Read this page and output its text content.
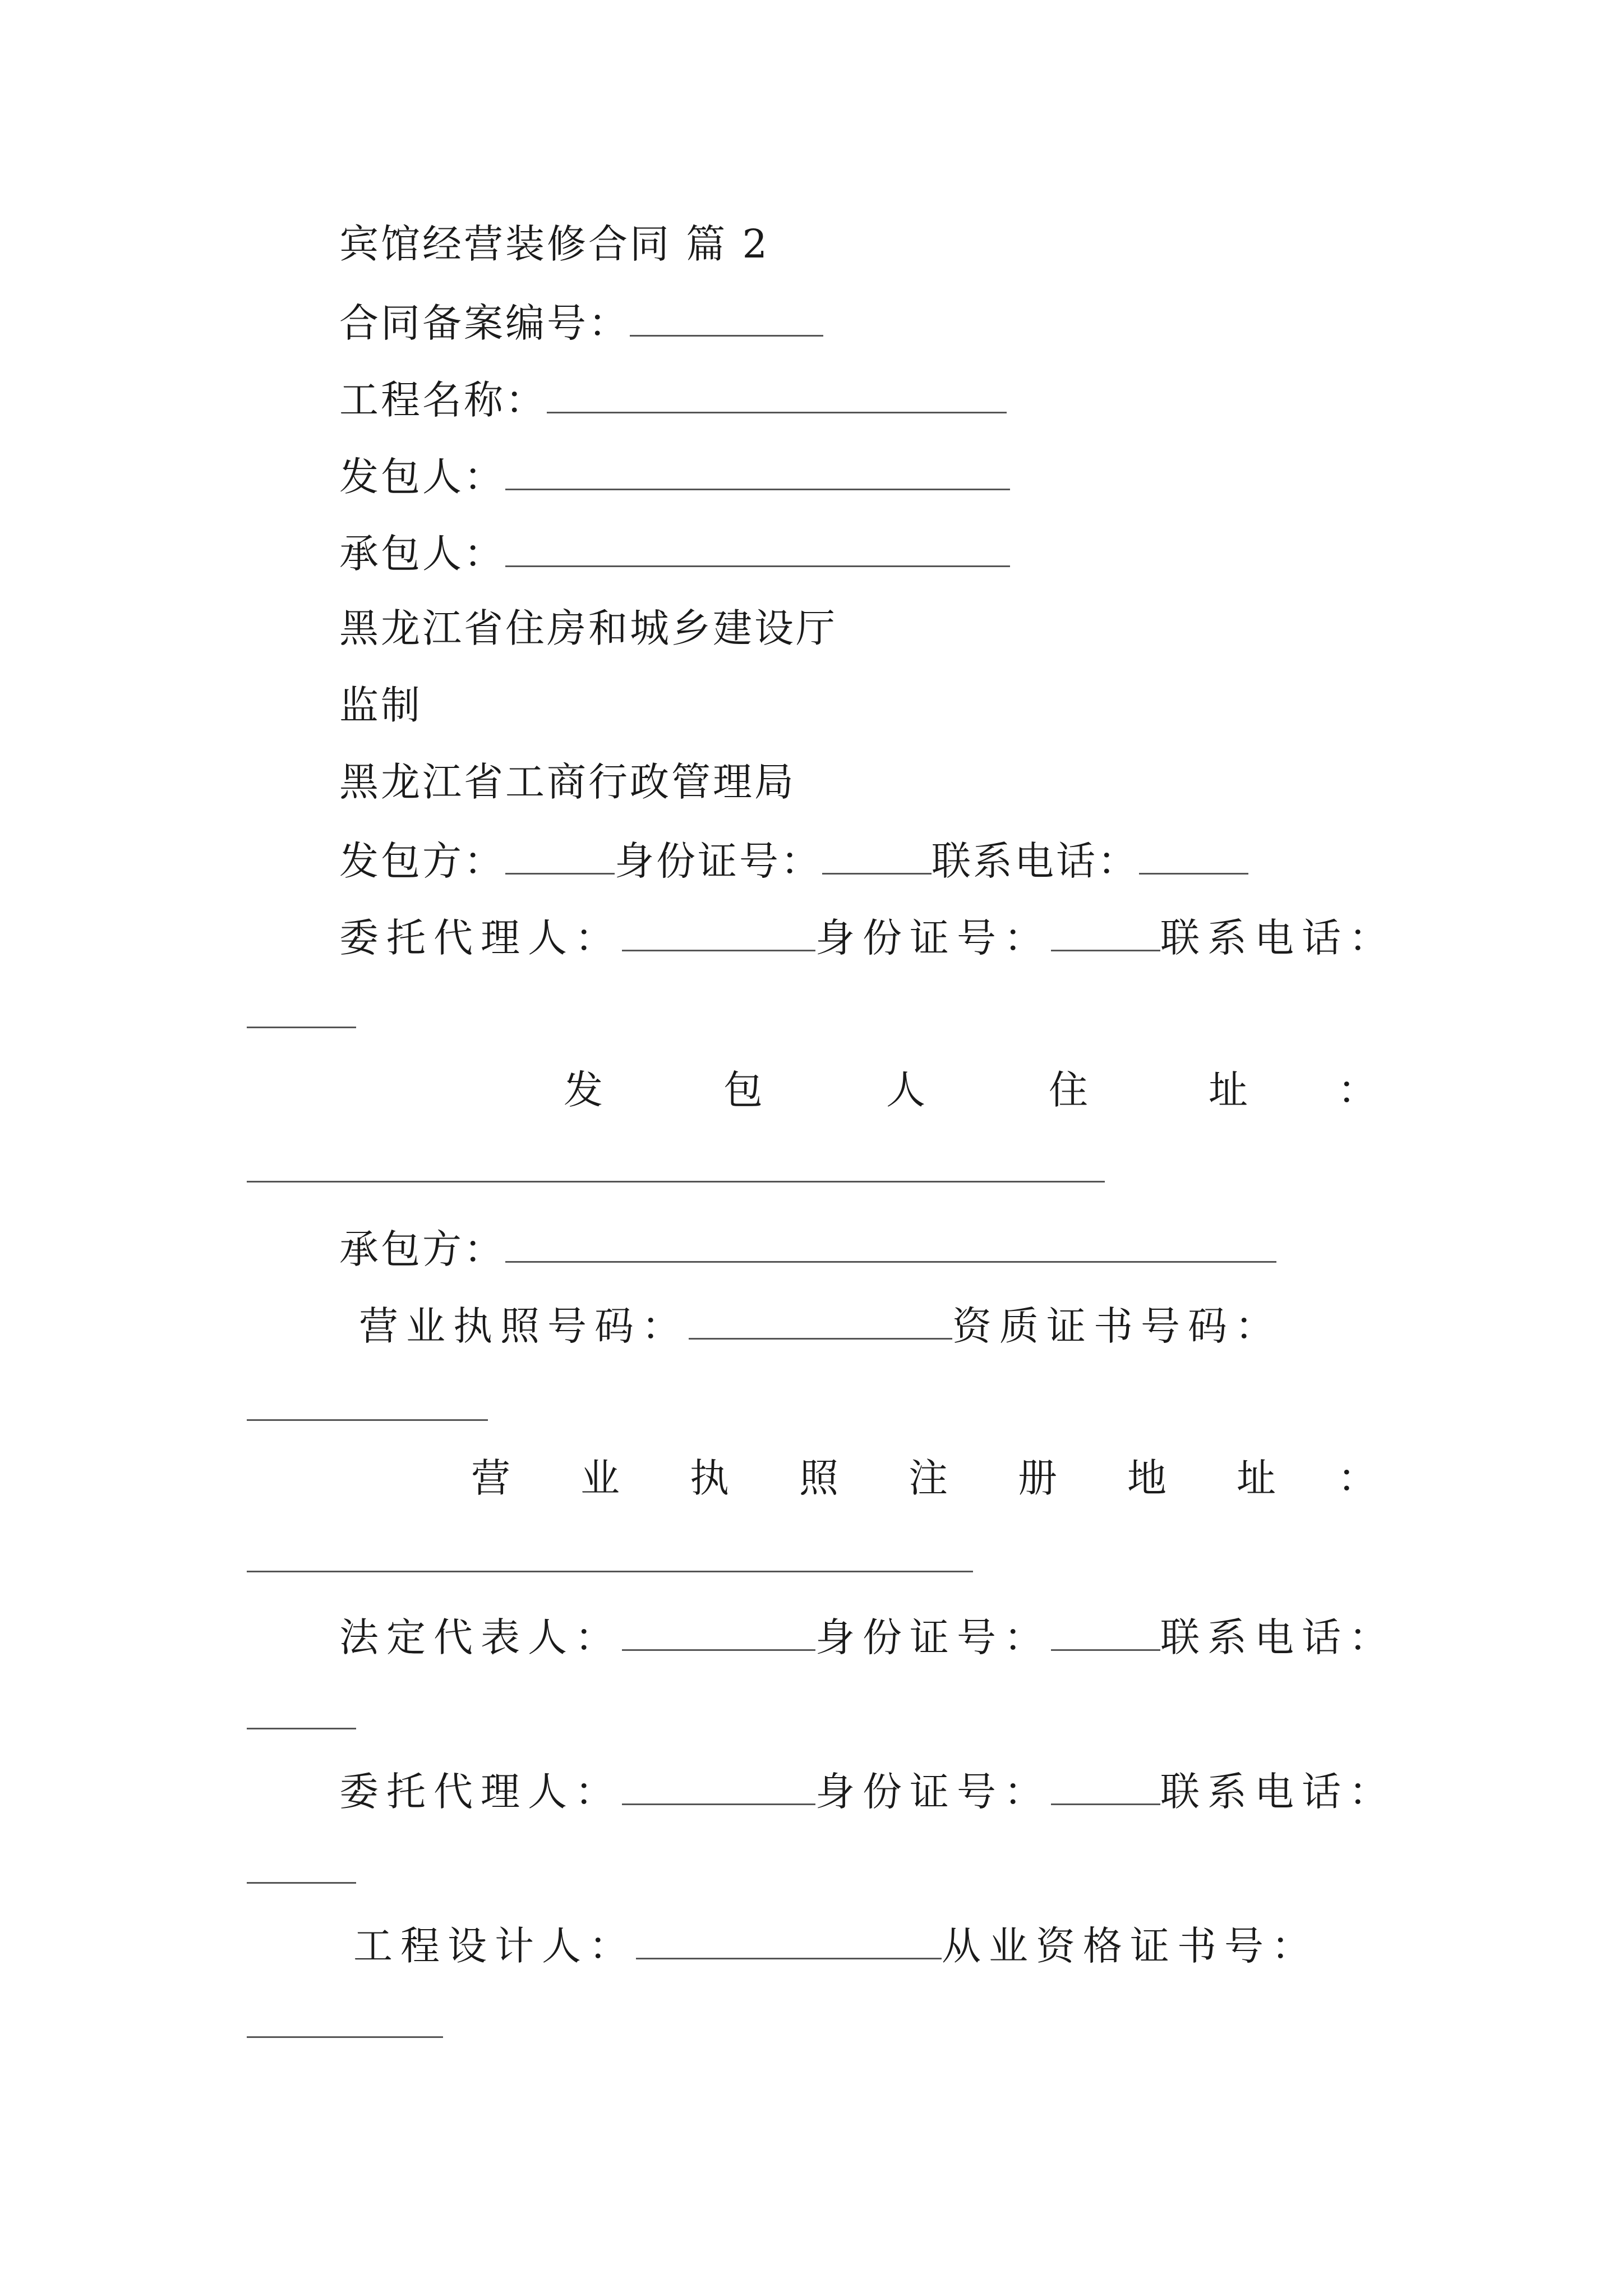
宾馆经营装修合同 篇 2
合同备案编号：
工程名称：
发包人：
承包人：
黑龙江省住房和城乡建设厅
监制
黑龙江省工商行政管理局
发包方：	身份证号：	联系电话：
委托代理人：	身份证号：	联系电话：
发	包	人	住	址 ：
承包方：
营业执照号码：	资质证书号码：
营 业 执 照 注 册 地 址 ：
法定代表人：	身份证号：	联系电话：
委托代理人：	身份证号：	联系电话：
工程设计人：	从业资格证书号：
